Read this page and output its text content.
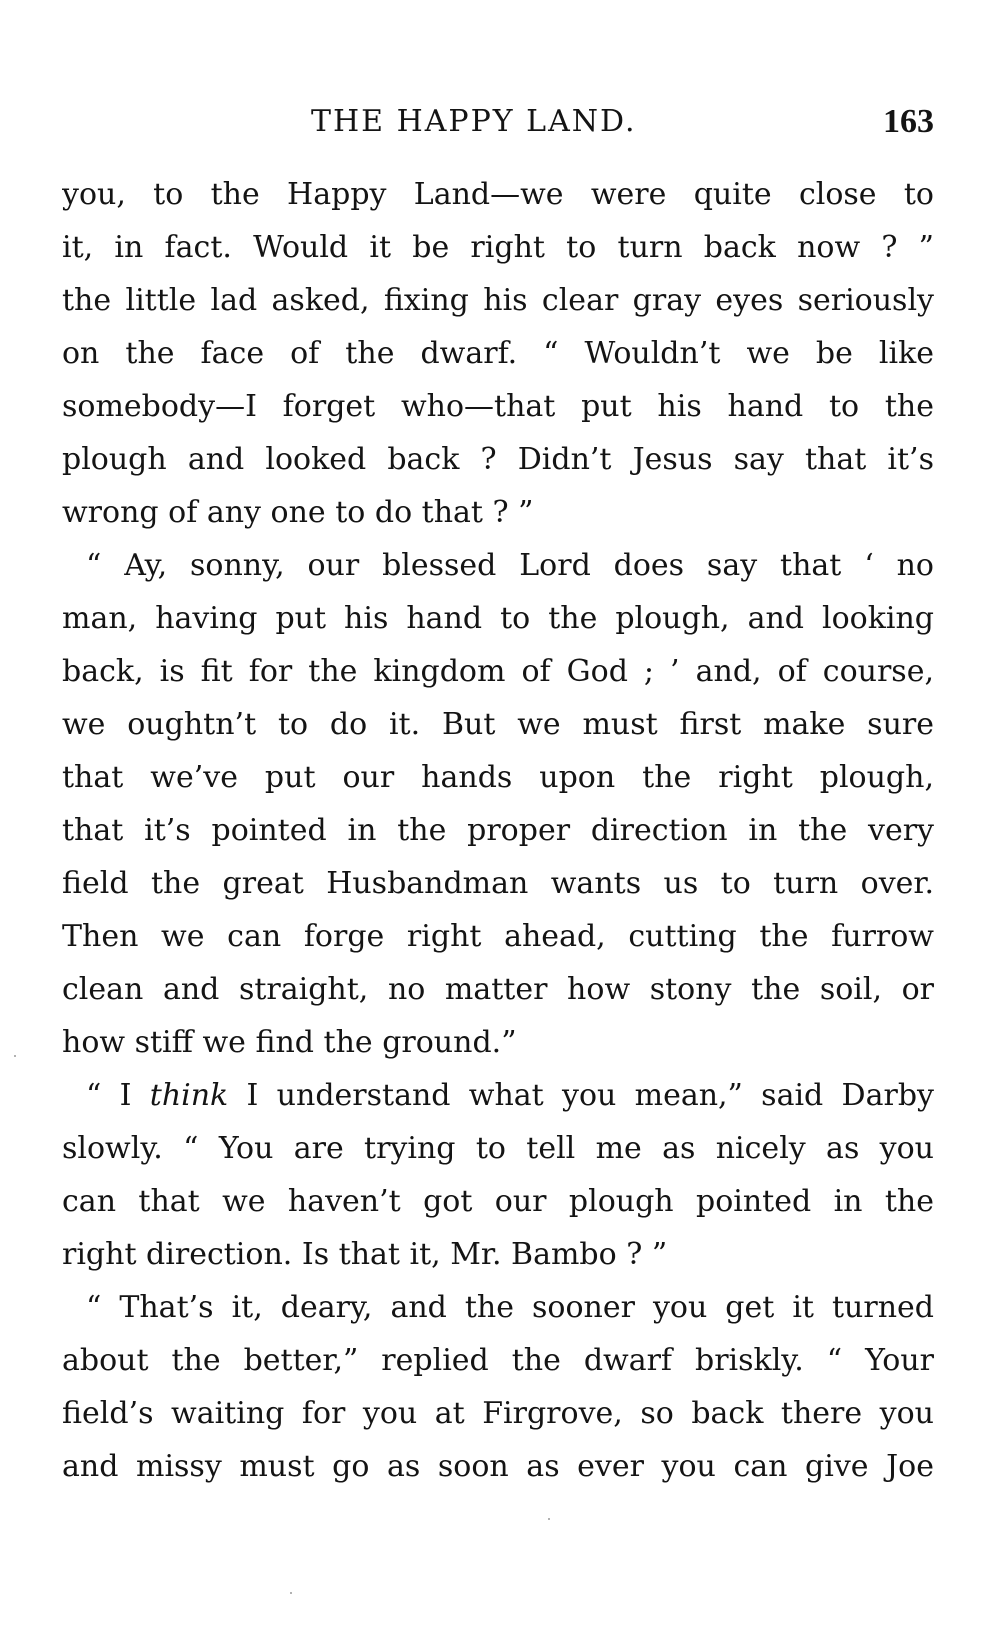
THE HAPPY LAND.	163
you, to the Happy Land—we were quite close to
it, in fact. Would it be right to turn back now ? ”
the little lad asked, fixing his clear gray eyes seriously
on the face of the dwarf. “ Wouldn’t we be like
somebody—I forget who—that put his hand to the
plough and looked back ? Didn’t Jesus say that it’s
wrong of any one to do that ? ”
“ Ay, sonny, our blessed Lord does say that ‘ no
man, having put his hand to the plough, and looking
back, is fit for the kingdom of God ; ’ and, of course,
we oughtn’t to do it. But we must first make sure
that we’ve put our hands upon the right plough,
that it’s pointed in the proper direction in the very
field the great Husbandman wants us to turn over.
Then we can forge right ahead, cutting the furrow
clean and straight, no matter how stony the soil, or
how stiff we find the ground.”
“ I think I understand what you mean,” said Darby
slowly. “ You are trying to tell me as nicely as you
can that we haven’t got our plough pointed in the
right direction. Is that it, Mr. Bambo ? ”
“ That’s it, deary, and the sooner you get it turned
about the better,” replied the dwarf briskly. “ Your
field’s waiting for you at Firgrove, so back there you
and missy must go as soon as ever you can give Joe
